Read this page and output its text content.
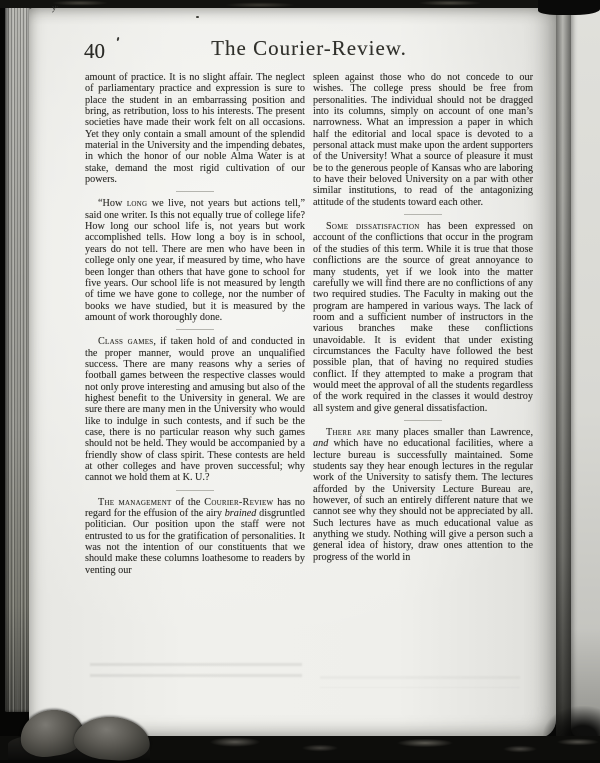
40	The Courier-Review.
y·

amount of practice. It is no slight affair. The neglect of parliamentary practice and expression is sure to place the student in an embarrassing position and bring, as retribution, loss to his interests. The present societies have made their work felt on all occasions. Yet they only contain a small amount of the splendid material in the University and the impending debates, in which the honor of our noble Alma Water is at stake, demand the most rigid cultivation of our powers.

“How long we live, not years but actions tell,” said one writer. Is this not equally true of college life? How long our school life is, not years but work accomplished tells. How long a boy is in school, years do not tell. There are men who have been in college only one year, if measured by time, who have been longer than others that have gone to school for five years. Our school life is not measured by length of time we have gone to college, nor the number of books we have studied, but it is measured by the amount of work thoroughly done.

Class games, if taken hold of and conducted in the proper manner, would prove an unqualified success. There are many reasons why a series of football games between the respective classes would not only prove interesting and amusing but also of the highest benefit to the University in general. We are sure there are many men in the University who would like to indulge in such contests, and if such be the case, there is no particular reason why such games should not be held. They would be accompanied by a friendly show of class spirit. These contests are held at other colleges and have proven successful; why cannot we hold them at K. U.?

The management of the Courier-Review has no regard for the effusion of the airy brained disgruntled politician. Our position upon the staff were not entrusted to us for the gratification of personalities. It was not the intention of our constituents that we should make these columns loathesome to readers by venting our

spleen against those who do not concede to our wishes. The college press should be free from personalities. The individual should not be dragged into its columns, simply on account of one man’s narrowness. What an impression a paper in which half the editorial and local space is devoted to a personal attack must make upon the ardent supporters of the University! What a source of pleasure it must be to the generous people of Kansas who are laboring to have their beloved University on a par with other similar institutions, to read of the antagonizing attitude of the students toward each other.

Some dissatisfaction has been expressed on account of the conflictions that occur in the program of the studies of this term. While it is true that those conflictions are the source of great annoyance to many students, yet if we look into the matter carefully we will find there are no conflictions of any two required studies. The Faculty in making out the program are hampered in various ways. The lack of room and a sufficient number of instructors in the various branches make these conflictions unavoidable. It is evident that under existing circumstances the Faculty have followed the best possible plan, that of having no required studies conflict. If they attempted to make a program that would meet the approval of all the students regardless of the work required in the classes it would destroy all system and give general dissatisfaction.

There are many places smaller than Lawrence, and which have no educational facilities, where a lecture bureau is successfully maintained. Some students say they hear enough lectures in the regular work of the University to satisfy them. The lectures afforded by the University Lecture Bureau are, however, of such an entirely different nature that we cannot see why they should not be appreciated by all. Such lectures have as much educational value as anything we study. Nothing will give a person such a general idea of history, draw ones attention to the progress of the world in
